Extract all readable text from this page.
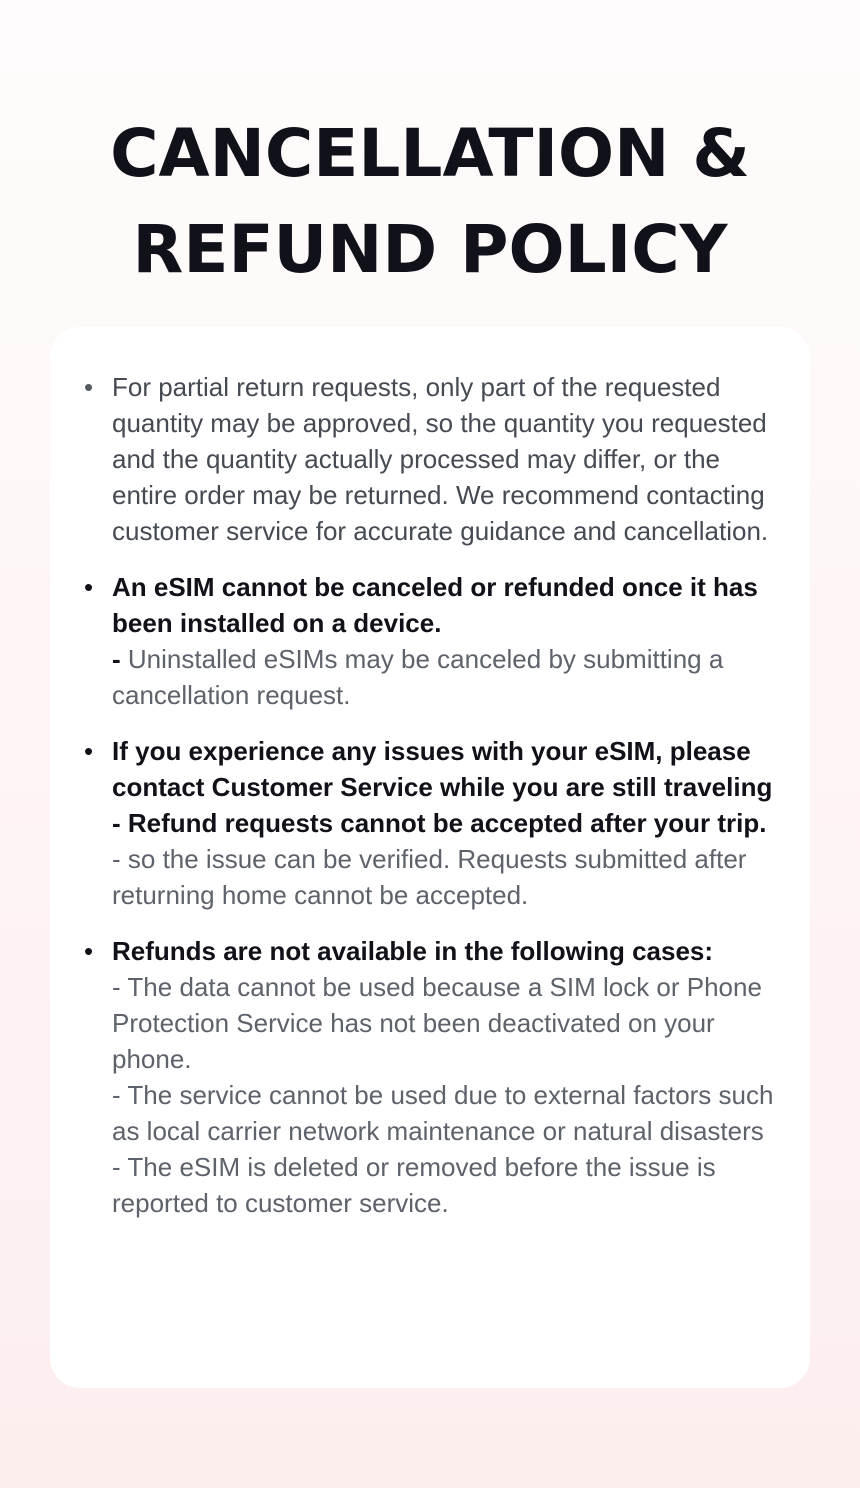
CANCELLATION &
REFUND POLICY
• For partial return requests, only part of the requested quantity may be approved, so the quantity you requested and the quantity actually processed may differ, or the entire order may be returned. We recommend contacting customer service for accurate guidance and cancellation.
• An eSIM cannot be canceled or refunded once it has been installed on a device.
- Uninstalled eSIMs may be canceled by submitting a cancellation request.
• If you experience any issues with your eSIM, please contact Customer Service while you are still traveling - Refund requests cannot be accepted after your trip.
- so the issue can be verified. Requests submitted after returning home cannot be accepted.
• Refunds are not available in the following cases:
- The data cannot be used because a SIM lock or Phone Protection Service has not been deactivated on your phone.
- The service cannot be used due to external factors such as local carrier network maintenance or natural disasters
- The eSIM is deleted or removed before the issue is reported to customer service.
